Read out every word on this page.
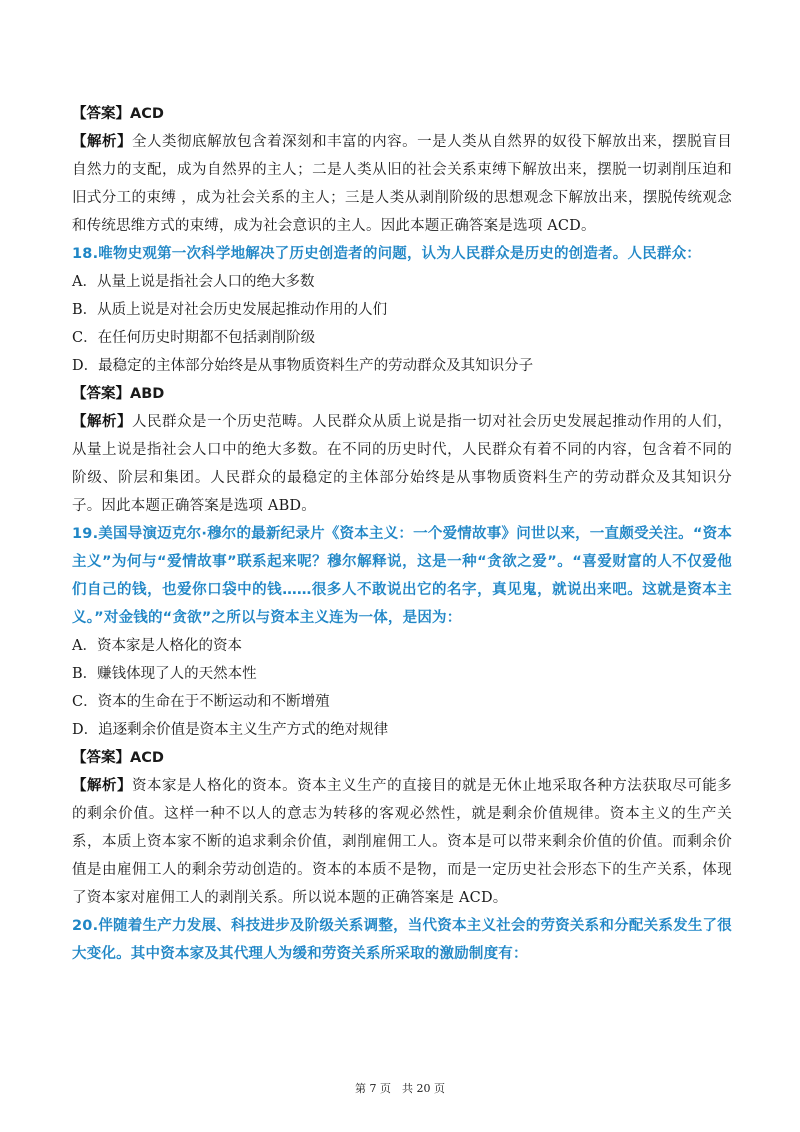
【答案】ACD
【解析】全人类彻底解放包含着深刻和丰富的内容。一是人类从自然界的奴役下解放出来，摆脱盲目自然力的支配，成为自然界的主人；二是人类从旧的社会关系束缚下解放出来，摆脱一切剥削压迫和旧式分工的束缚 ，成为社会关系的主人；三是人类从剥削阶级的思想观念下解放出来，摆脱传统观念和传统思维方式的束缚，成为社会意识的主人。因此本题正确答案是选项 ACD。
18.唯物史观第一次科学地解决了历史创造者的问题，认为人民群众是历史的创造者。人民群众：
A．从量上说是指社会人口的绝大多数
B．从质上说是对社会历史发展起推动作用的人们
C．在任何历史时期都不包括剥削阶级
D．最稳定的主体部分始终是从事物质资料生产的劳动群众及其知识分子
【答案】ABD
【解析】人民群众是一个历史范畴。人民群众从质上说是指一切对社会历史发展起推动作用的人们，从量上说是指社会人口中的绝大多数。在不同的历史时代，人民群众有着不同的内容，包含着不同的阶级、阶层和集团。人民群众的最稳定的主体部分始终是从事物质资料生产的劳动群众及其知识分子。因此本题正确答案是选项 ABD。
19.美国导演迈克尔·穆尔的最新纪录片《资本主义：一个爱情故事》问世以来，一直颇受关注。“资本主义”为何与“爱情故事”联系起来呢？穆尔解释说，这是一种“贪欲之爱”。“喜爱财富的人不仅爱他们自己的钱，也爱你口袋中的钱……很多人不敢说出它的名字，真见鬼，就说出来吧。这就是资本主义。”对金钱的“贪欲”之所以与资本主义连为一体，是因为：
A．资本家是人格化的资本
B．赚钱体现了人的天然本性
C．资本的生命在于不断运动和不断增殖
D．追逐剩余价值是资本主义生产方式的绝对规律
【答案】ACD
【解析】资本家是人格化的资本。资本主义生产的直接目的就是无休止地采取各种方法获取尽可能多的剩余价值。这样一种不以人的意志为转移的客观必然性，就是剩余价值规律。资本主义的生产关系，本质上资本家不断的追求剩余价值，剥削雇佣工人。资本是可以带来剩余价值的价值。而剩余价值是由雇佣工人的剩余劳动创造的。资本的本质不是物，而是一定历史社会形态下的生产关系，体现了资本家对雇佣工人的剥削关系。所以说本题的正确答案是 ACD。
20.伴随着生产力发展、科技进步及阶级关系调整，当代资本主义社会的劳资关系和分配关系发生了很大变化。其中资本家及其代理人为缓和劳资关系所采取的激励制度有：
第 7 页　共 20 页
